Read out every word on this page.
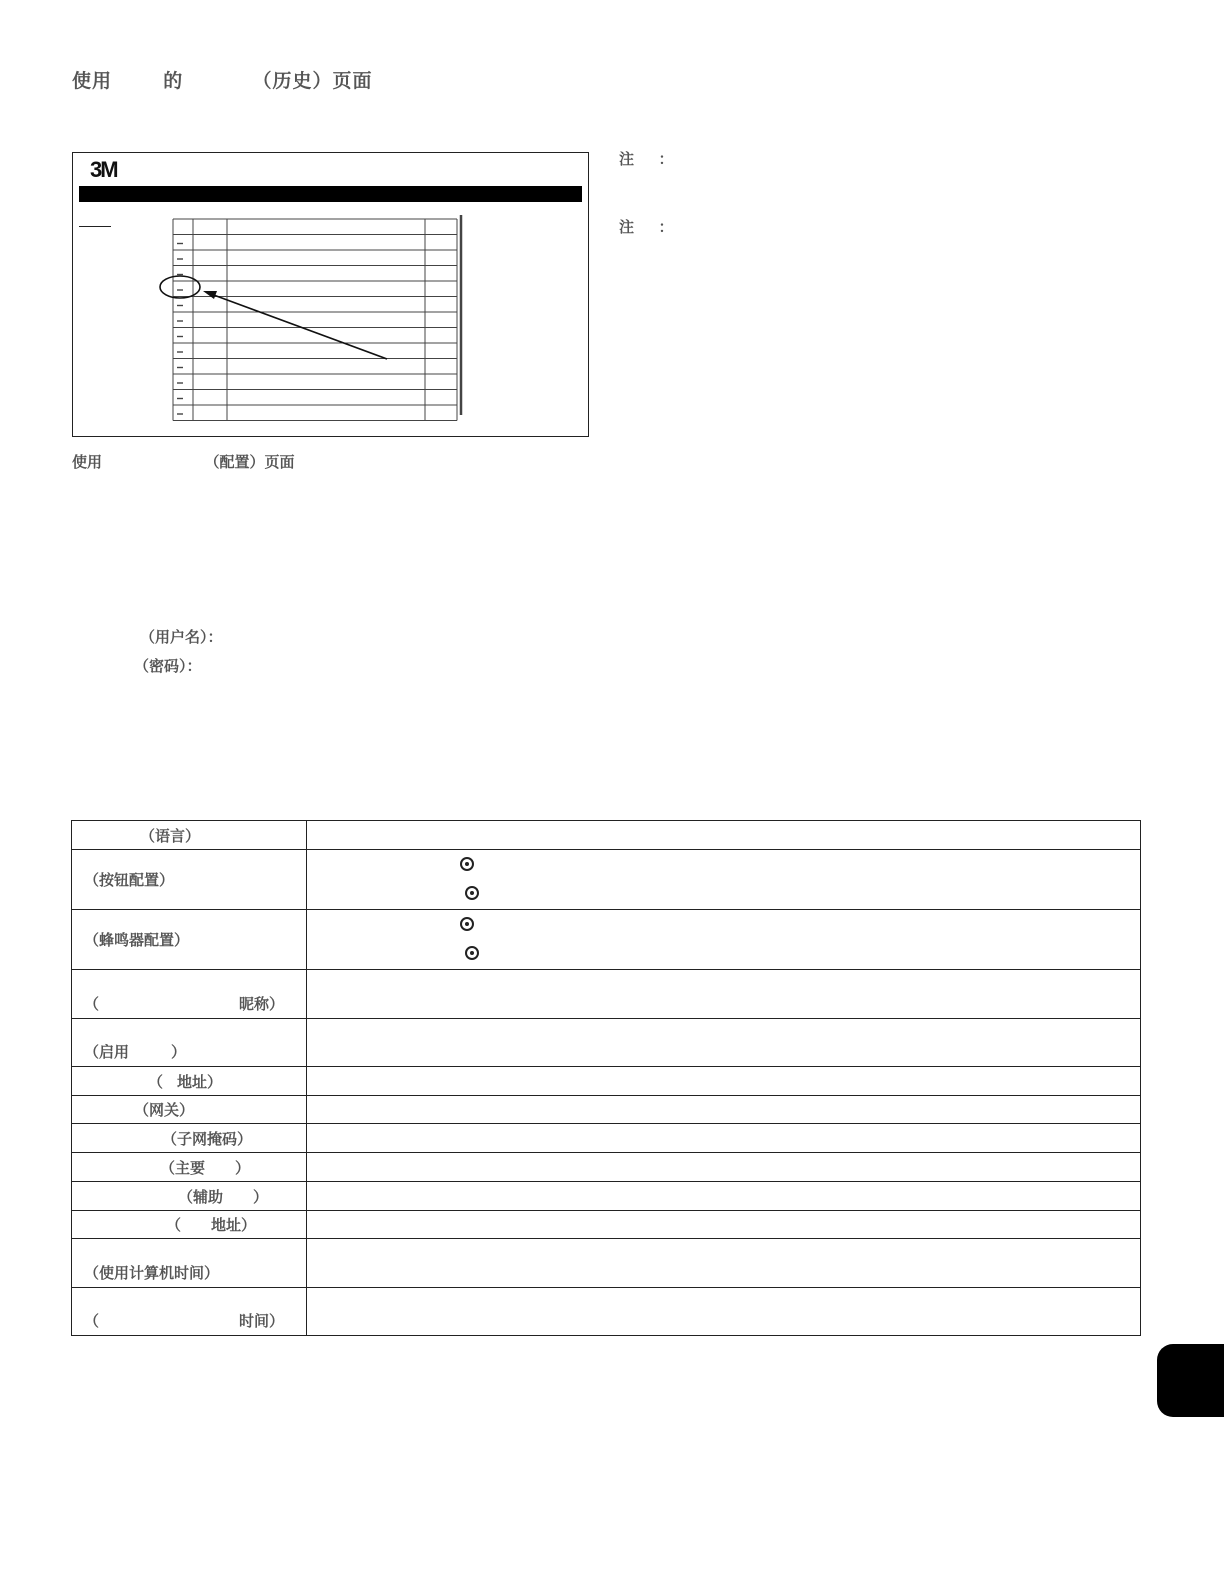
使用	的	（历史）页面
3M
使用	（配置）页面
注 ：
注 ：
（用户名）：
（密码）：
（语言）	

（按钮配置）	

（蜂鸣器配置）	

（ 昵称）	

（ 启用 ）	

（ 地址）	

（网关）	

（子网掩码）	

（ 主要 ）	

（ 辅助 ）	

（ 地址）	

（使用计算机时间）	

（ 时间）	
